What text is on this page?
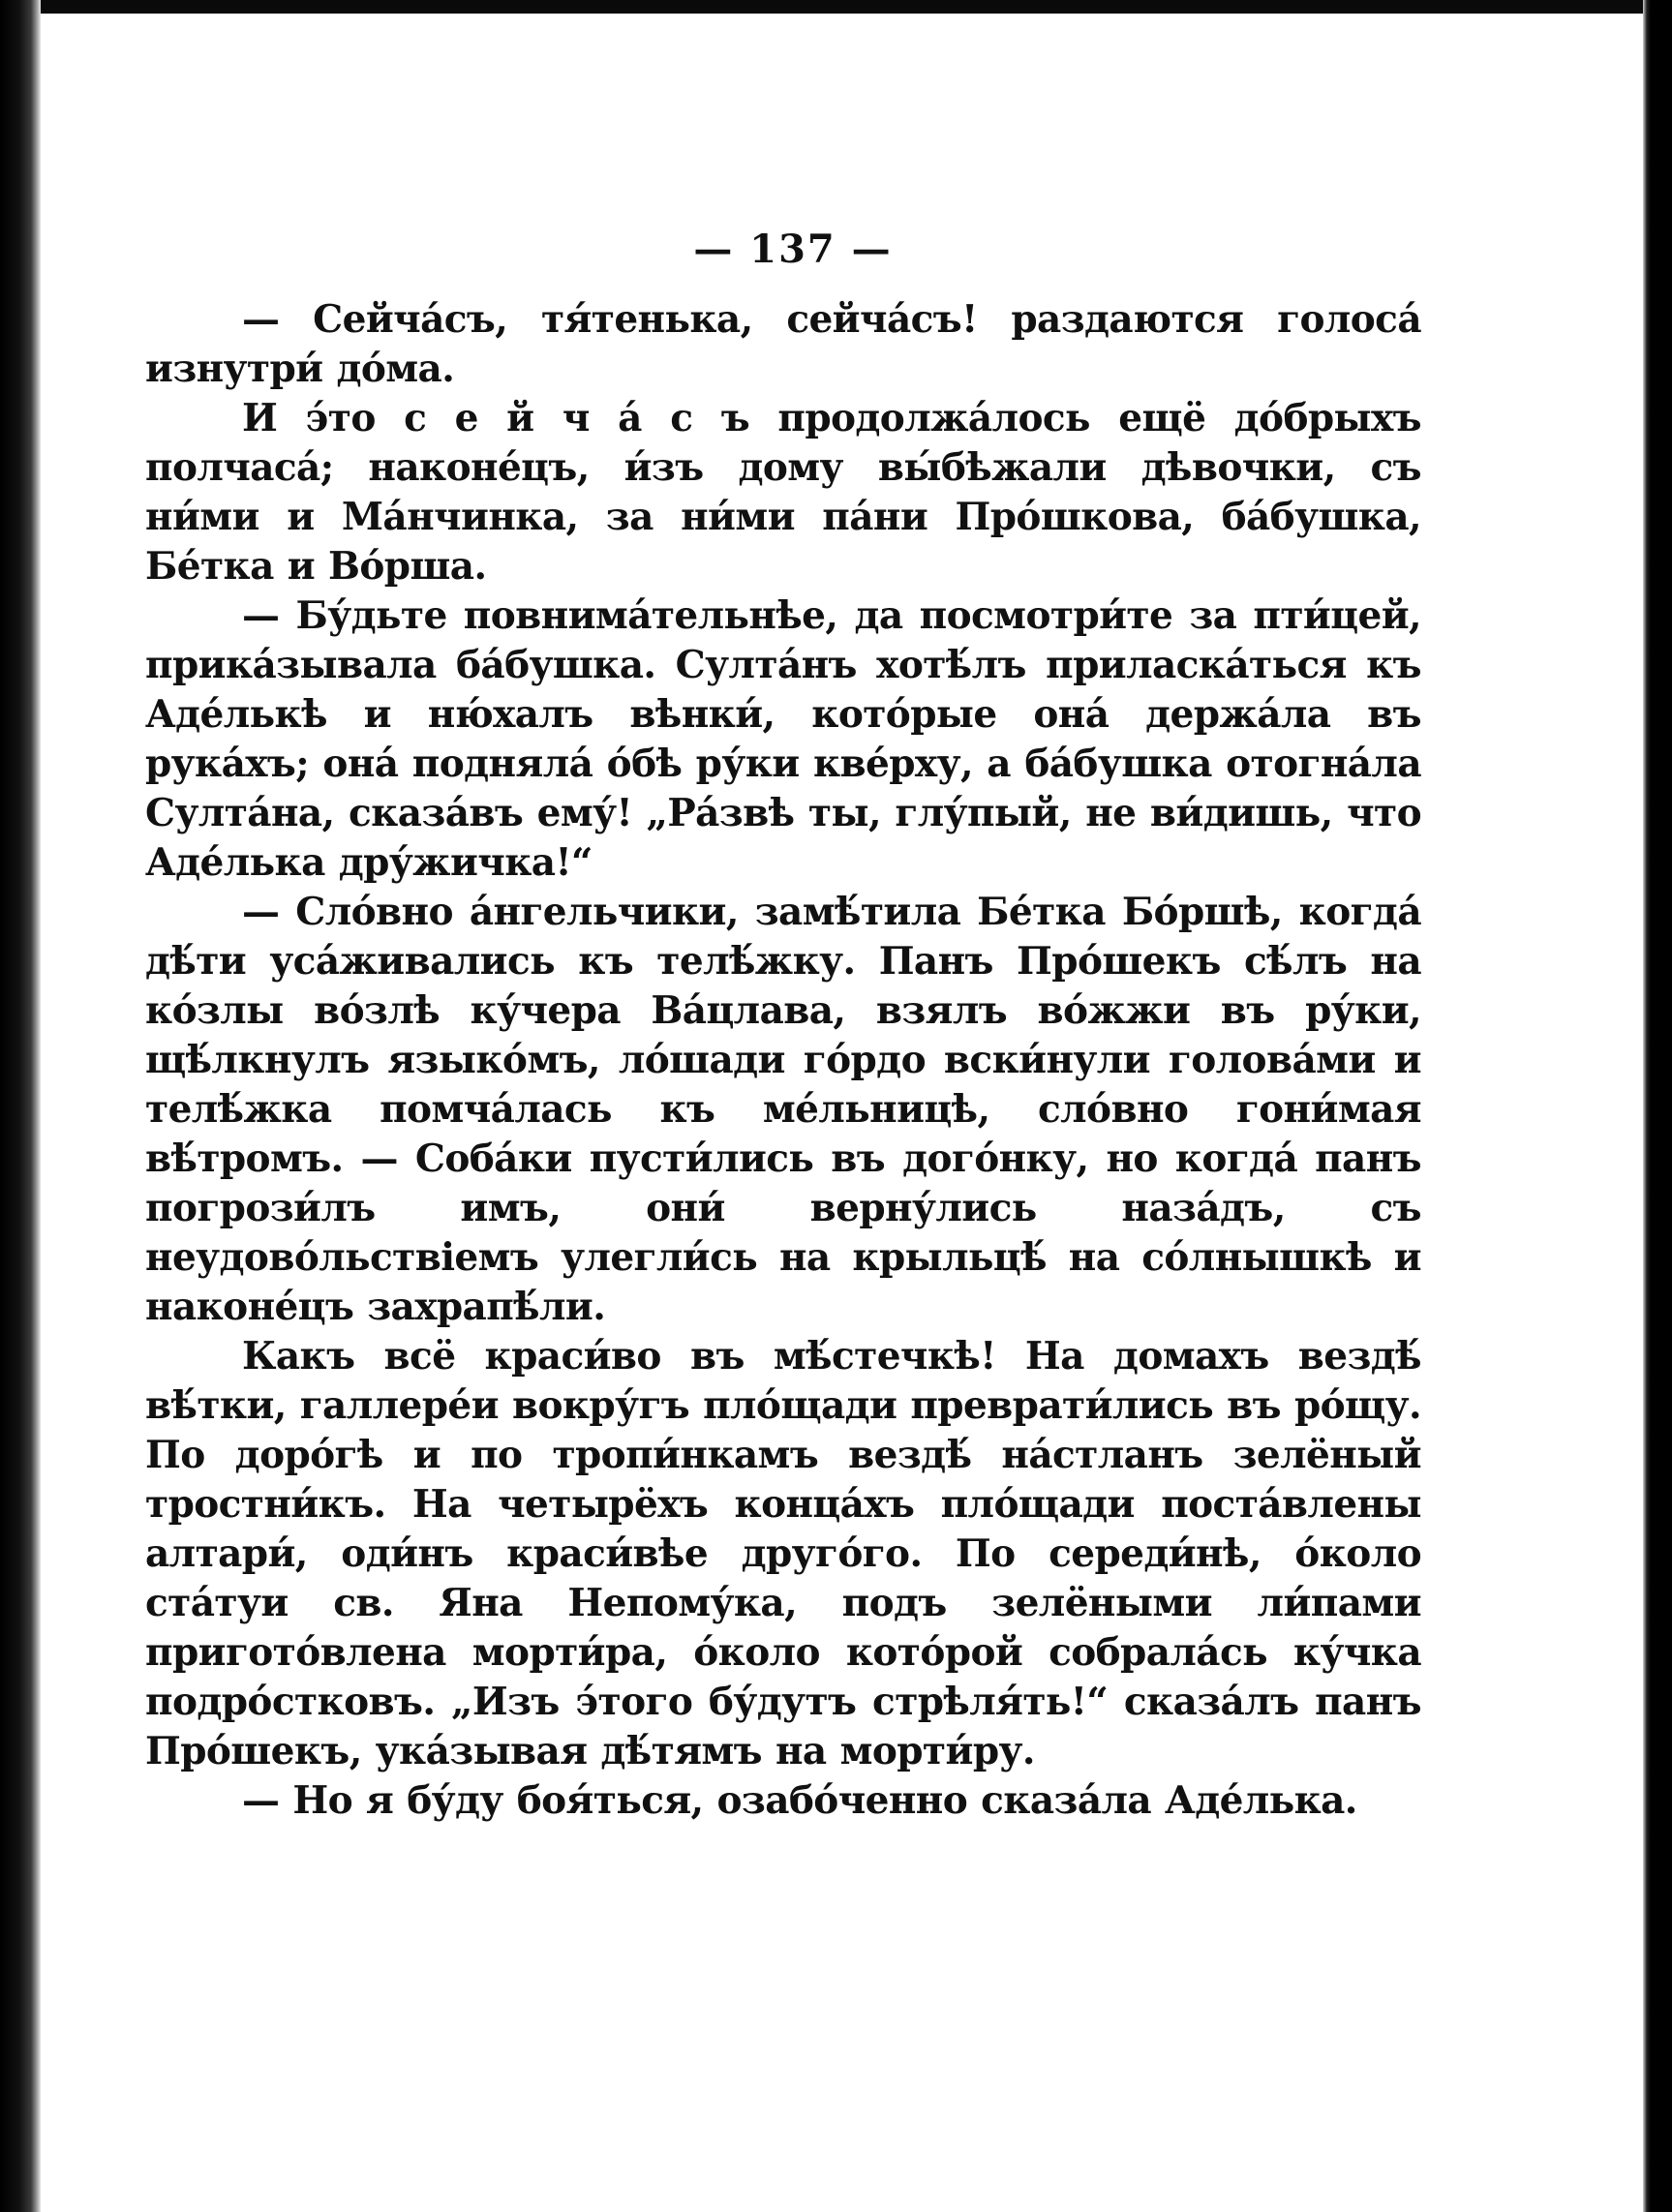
— 137 —

— Сейча́съ, тя́тенька, сейча́съ! раздаются голоса́ изнутри́ до́ма.

И э́то с е й ч а́ с ъ продолжа́лось ещё до́брыхъ полчаса́; наконе́цъ, и́зъ дому вы́бѣжали дѣвочки, съ ни́ми и Ма́нчинка, за ни́ми па́ни Про́шкова, ба́бушка, Бе́тка и Во́рша.

— Бу́дьте повнима́тельнѣе, да посмотри́те за пти́цей, прика́зывала ба́бушка. Султа́нъ хотѣ́лъ прилaска́ться къ Аде́лькѣ и ню́халъ вѣнки́, кото́рые она́ держа́ла въ рука́хъ; она́ подняла́ о́бѣ ру́ки кве́рху, а ба́бушка отогна́ла Султа́на, сказа́въ ему́! „Ра́звѣ ты, глу́пый, не ви́дишь, что Аде́лька дру́жичка!“

— Сло́вно а́нгельчики, замѣ́тила Бе́тка Бо́ршѣ, когда́ дѣ́ти уса́живались къ телѣ́жку. Панъ Про́шекъ сѣ́лъ на ко́злы во́злѣ ку́чера Ва́цлава, взялъ во́жжи въ ру́ки, щѣ́лкнулъ языко́мъ, ло́шади го́рдо вски́нули голова́ми и телѣ́жка помча́лась къ ме́льницѣ, сло́вно гони́мая вѣ́тромъ. — Соба́ки пусти́лись въ дого́нку, но когда́ панъ погрози́лъ имъ, они́ верну́лись наза́дъ, съ неудово́льствіемъ улегли́сь на крыльцѣ́ на со́лнышкѣ и наконе́цъ захрапѣ́ли.

Какъ всё краси́во въ мѣ́стечкѣ! На домахъ вездѣ́ вѣ́тки, галлере́и вокру́гъ пло́щади преврати́лись въ ро́щу. По доро́гѣ и по тропи́нкамъ вездѣ́ на́стланъ зелёный тростни́къ. На четырёхъ конца́хъ пло́щади поста́влены алтари́, оди́нъ краси́вѣе друго́го. По середи́нѣ, о́коло ста́туи св. Яна Непому́ка, подъ зелёными ли́пами пригото́влена морти́ра, о́коло кото́рой собрала́сь ку́чка подро́стковъ. „Изъ э́того бу́дутъ стрѣля́ть!“ сказа́лъ панъ Про́шекъ, ука́зывая дѣ́тямъ на морти́ру.

— Но я бу́ду боя́ться, озабо́ченно сказа́ла Аде́лька.
